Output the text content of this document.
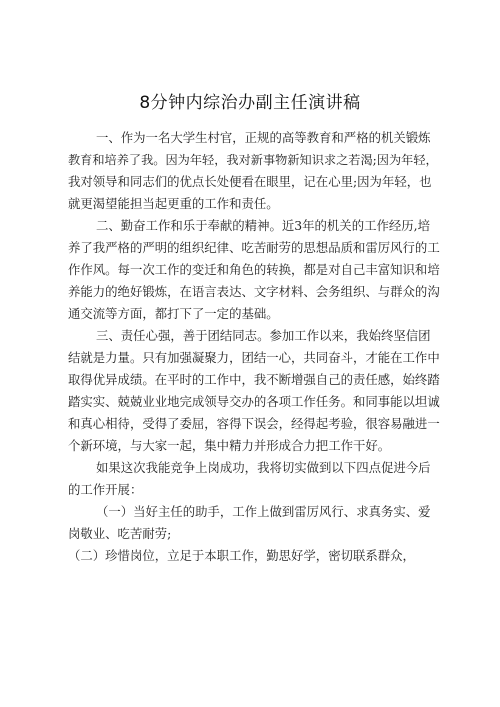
8分钟内综治办副主任演讲稿
一、作为一名大学生村官，正规的高等教育和严格的机关锻炼
教育和培养了我。因为年轻，我对新事物新知识求之若渴;因为年轻，
我对领导和同志们的优点长处便看在眼里，记在心里;因为年轻，也
就更渴望能担当起更重的工作和责任。
二、勤奋工作和乐于奉献的精神。近3年的机关的工作经历,培
养了我严格的严明的组织纪律、吃苦耐劳的思想品质和雷厉风行的工
作作风。每一次工作的变迁和角色的转换，都是对自己丰富知识和培
养能力的绝好锻炼，在语言表达、文字材料、会务组织、与群众的沟
通交流等方面，都打下了一定的基础。
三、责任心强，善于团结同志。参加工作以来，我始终坚信团
结就是力量。只有加强凝聚力，团结一心，共同奋斗，才能在工作中
取得优异成绩。在平时的工作中，我不断增强自己的责任感，始终踏
踏实实、兢兢业业地完成领导交办的各项工作任务。和同事能以坦诚
和真心相待，受得了委屈，容得下误会，经得起考验，很容易融进一
个新环境，与大家一起，集中精力并形成合力把工作干好。
如果这次我能竞争上岗成功，我将切实做到以下四点促进今后
的工作开展：
（一）当好主任的助手，工作上做到雷厉风行、求真务实、爱
岗敬业、吃苦耐劳;
（二）珍惜岗位，立足于本职工作，勤思好学，密切联系群众，
